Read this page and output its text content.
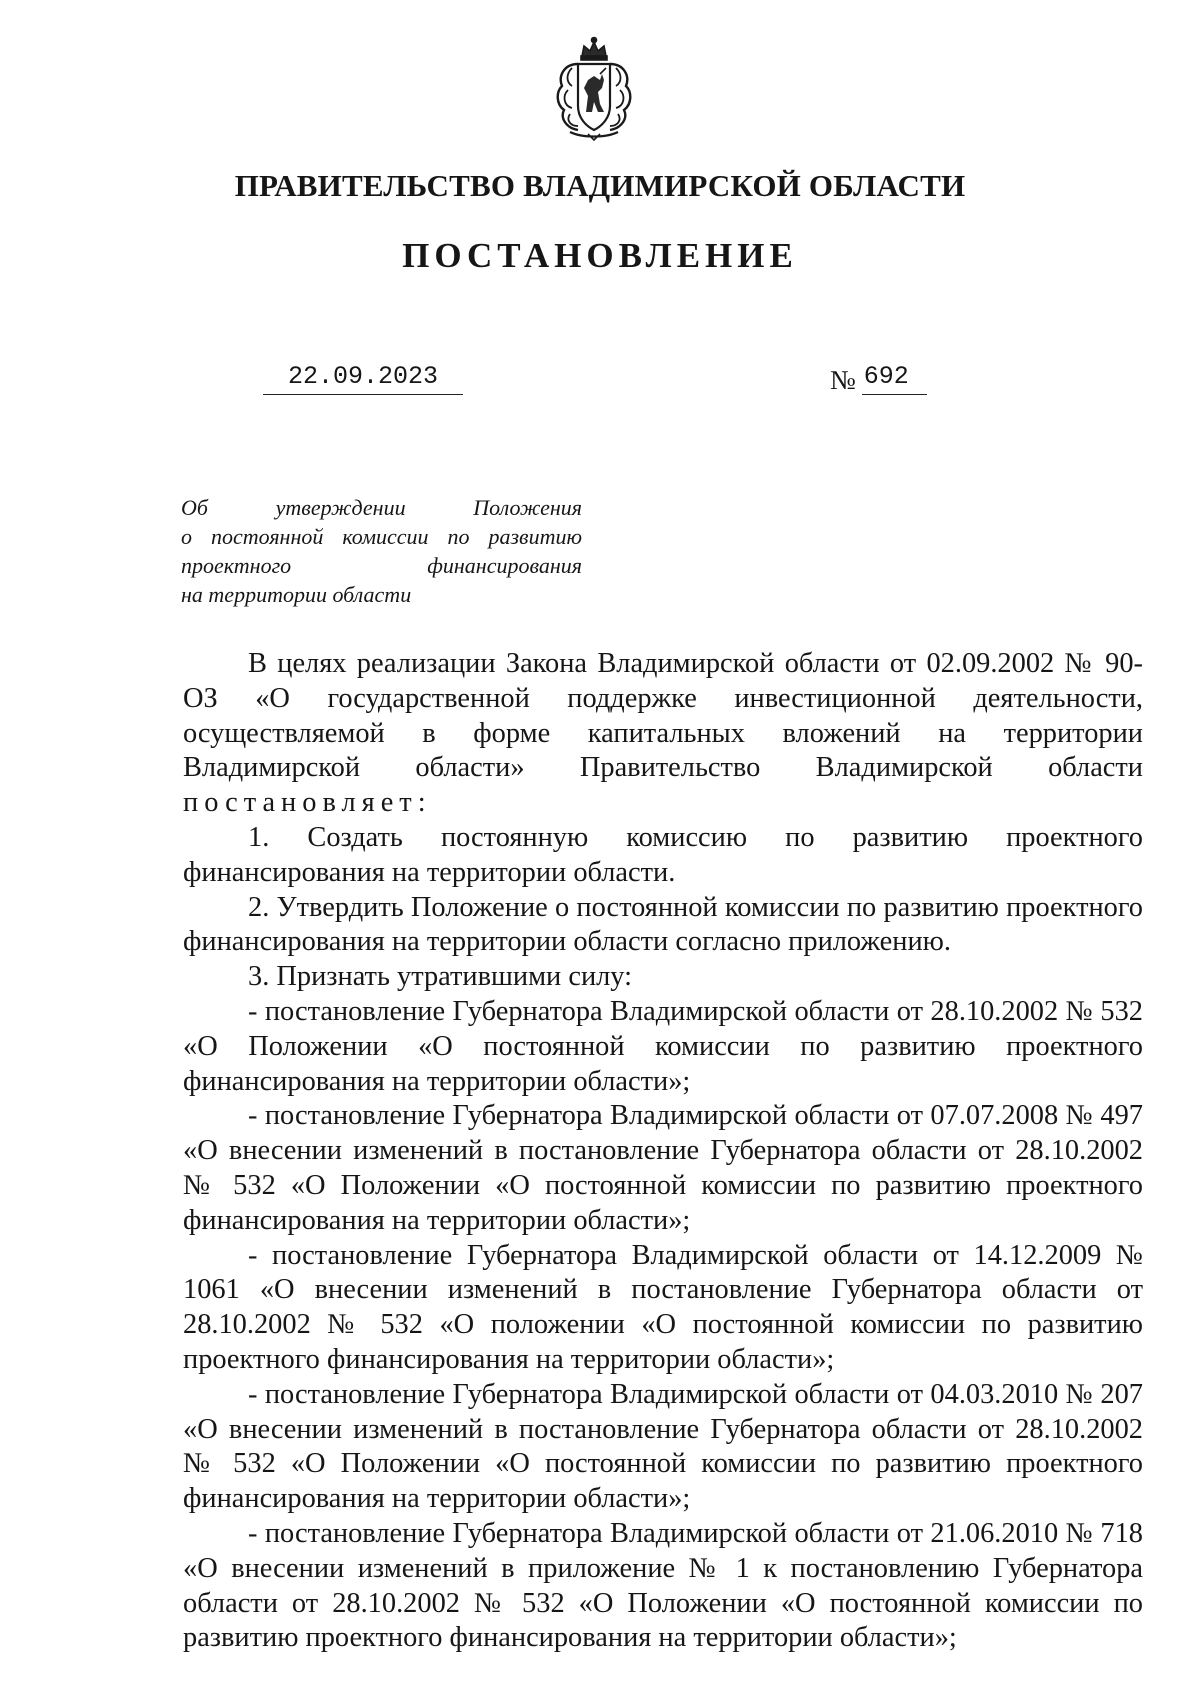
ПРАВИТЕЛЬСТВО ВЛАДИМИРСКОЙ ОБЛАСТИ
ПОСТАНОВЛЕНИЕ
22.09.2023	№ 692
Об утверждении Положения
о постоянной комиссии по развитию
проектного финансирования
на территории области

В целях реализации Закона Владимирской области от 02.09.2002 № 90-ОЗ «О государственной поддержке инвестиционной деятельности, осуществляемой в форме капитальных вложений на территории Владимирской области» Правительство Владимирской области постановляет:

1. Создать постоянную комиссию по развитию проектного финансирования на территории области.

2. Утвердить Положение о постоянной комиссии по развитию проектного финансирования на территории области согласно приложению.

3. Признать утратившими силу:

- постановление Губернатора Владимирской области от 28.10.2002 № 532 «О Положении «О постоянной комиссии по развитию проектного финансирования на территории области»;

- постановление Губернатора Владимирской области от 07.07.2008 № 497 «О внесении изменений в постановление Губернатора области от 28.10.2002 № 532 «О Положении «О постоянной комиссии по развитию проектного финансирования на территории области»;

- постановление Губернатора Владимирской области от 14.12.2009 № 1061 «О внесении изменений в постановление Губернатора области от 28.10.2002 № 532 «О положении «О постоянной комиссии по развитию проектного финансирования на территории области»;

- постановление Губернатора Владимирской области от 04.03.2010 № 207 «О внесении изменений в постановление Губернатора области от 28.10.2002 № 532 «О Положении «О постоянной комиссии по развитию проектного финансирования на территории области»;

- постановление Губернатора Владимирской области от 21.06.2010 № 718 «О внесении изменений в приложение № 1 к постановлению Губернатора области от 28.10.2002 № 532 «О Положении «О постоянной комиссии по развитию проектного финансирования на территории области»;
